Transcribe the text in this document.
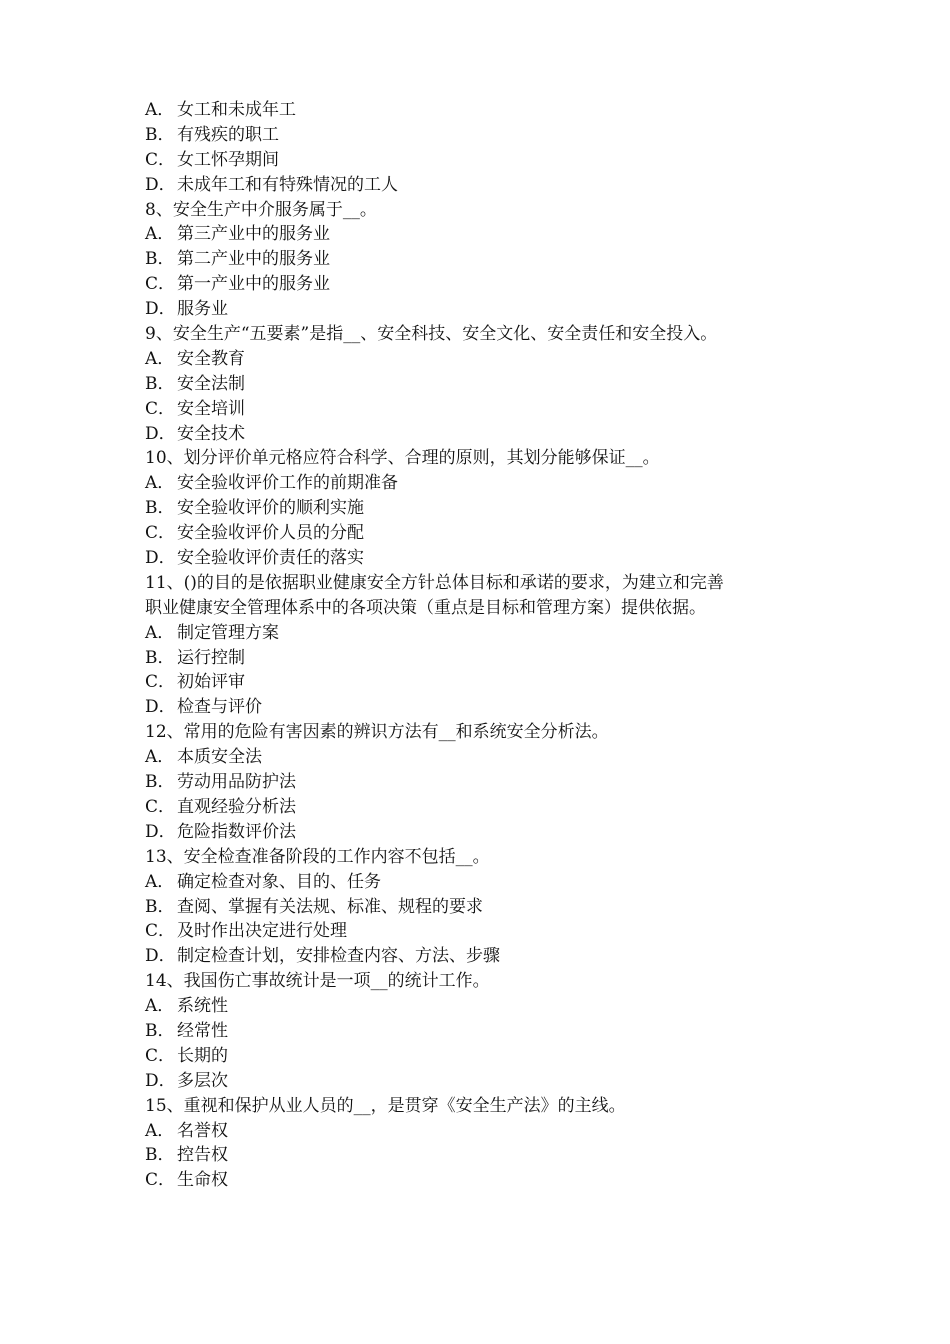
A． 女工和未成年工
B． 有残疾的职工
C． 女工怀孕期间
D．未成年工和有特殊情况的工人
8、安全生产中介服务属于__。
A． 第三产业中的服务业
B． 第二产业中的服务业
C． 第一产业中的服务业
D．服务业
9、安全生产“五要素”是指__、安全科技、安全文化、安全责任和安全投入。
A． 安全教育
B． 安全法制
C． 安全培训
D．安全技术
10、划分评价单元格应符合科学、合理的原则，其划分能够保证__。
A． 安全验收评价工作的前期准备
B． 安全验收评价的顺利实施
C． 安全验收评价人员的分配
D．安全验收评价责任的落实
11、()的目的是依据职业健康安全方针总体目标和承诺的要求，为建立和完善
职业健康安全管理体系中的各项决策（重点是目标和管理方案）提供依据。
A． 制定管理方案
B． 运行控制
C． 初始评审
D．检查与评价
12、常用的危险有害因素的辨识方法有__和系统安全分析法。
A． 本质安全法
B． 劳动用品防护法
C． 直观经验分析法
D．危险指数评价法
13、安全检查准备阶段的工作内容不包括__。
A． 确定检查对象、目的、任务
B． 查阅、掌握有关法规、标准、规程的要求
C． 及时作出决定进行处理
D．制定检查计划，安排检查内容、方法、步骤
14、我国伤亡事故统计是一项__的统计工作。
A． 系统性
B． 经常性
C． 长期的
D．多层次
15、重视和保护从业人员的__，是贯穿《安全生产法》的主线。
A． 名誉权
B． 控告权
C． 生命权
